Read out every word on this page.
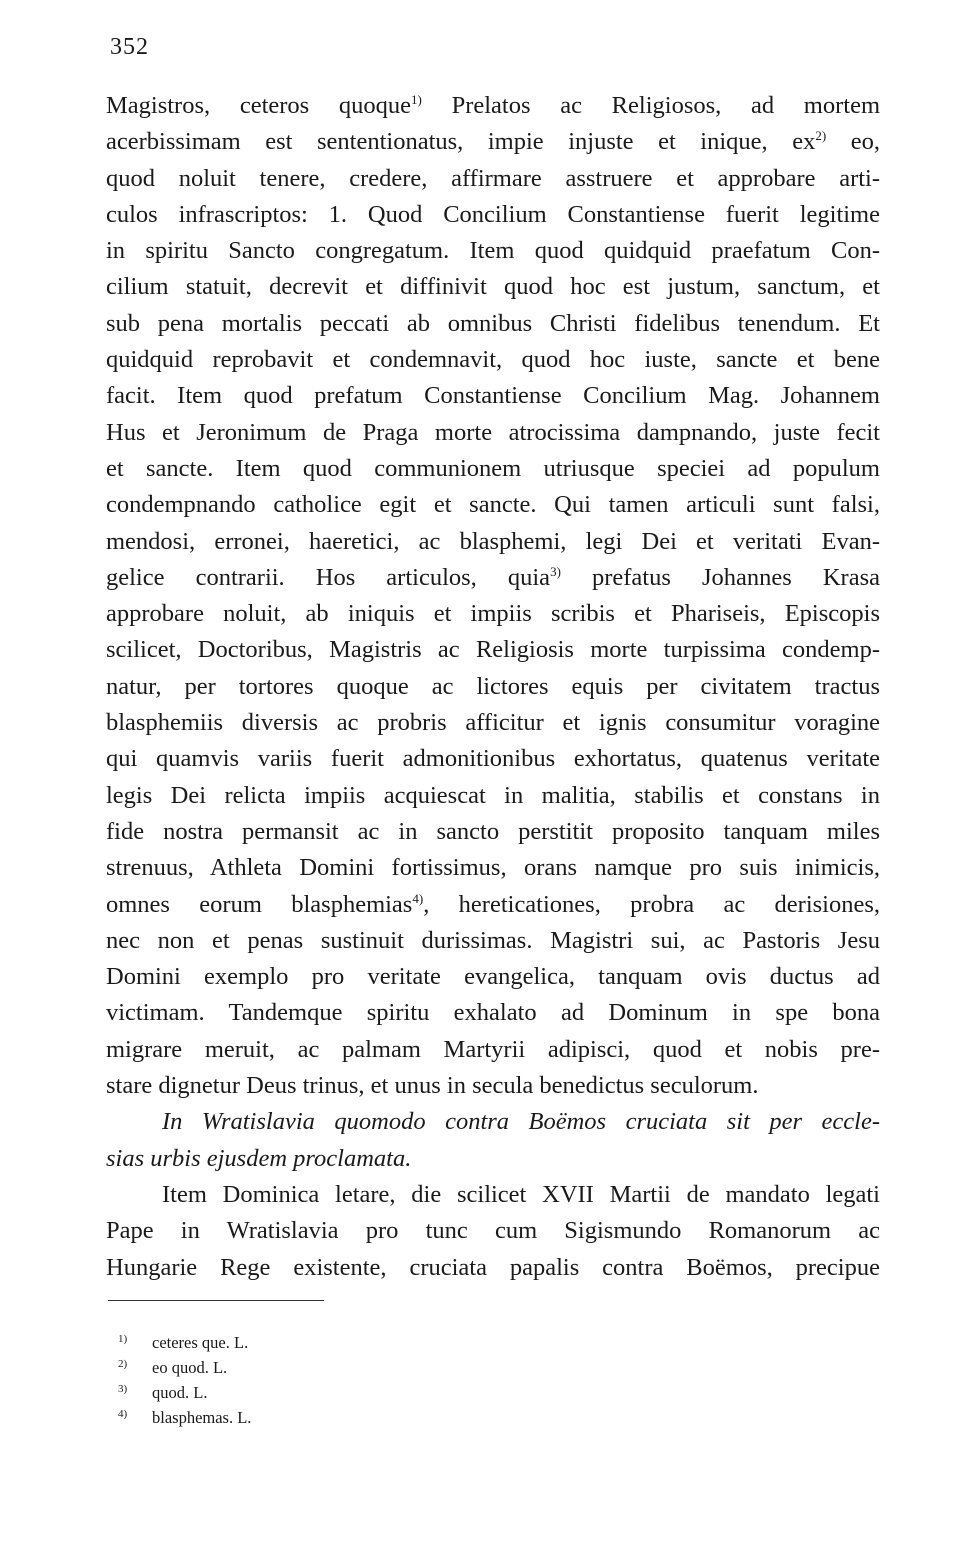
352
Magistros, ceteros quoque$^{1)}$ Prelatos ac Religiosos, ad mortem
acerbissimam est sententionatus, impie injuste et inique, $ex^{2)}$ eo,
quod noluit tenere, credere, affirmare asstruere et approbare arti-
culos infrascriptos: 1. Quod Concilium Constantiense fuerit legitime
in spiritu Sancto congregatum. Item quod quidquid praefatum Con-
cilium statuit, decrevit et diffinivit quod hoc est justum, sanctum, et
sub pena mortalis peccati ab omnibus Christi fidelibus tenendum. Et
quidquid reprobavit et condemnavit, quod hoc iuste, sancte et bene
facit. Item quod prefatum Constantiense Concilium Mag. Johannem
Hus et Jeronimum de Praga morte atrocissima dampnando, juste fecit
et sancte. Item quod communionem utriusque speciei ad populum
condempnando catholice egit et sancte. Qui tamen articuli sunt falsi,
mendosi, erronei, haeretici, ac blasphemi, legi Dei et veritati Evan-
gelice contrarii. Hos articulos, quia$^{3)}$ prefatus Johannes Krasa
approbare noluit, ab iniquis et impiis scribis et Phariseis, Episcopis
scilicet, Doctoribus, Magistris ac Religiosis morte turpissima condemp-
natur, per tortores quoque ac lictores equis per civitatem tractus
blasphemiis diversis ac probris afficitur et ignis consumitur voragine
qui quamvis variis fuerit admonitionibus exhortatus, quatenus veritate
legis Dei relicta impiis acquiescat in malitia, stabilis et constans in
fide nostra permansit ac in sancto perstitit proposito tanquam miles
strenuus, Athleta Domini fortissimus, orans namque pro suis inimicis,
omnes eorum blasphemias$^{4)}$, hereticationes, probra ac derisiones,
nec non et penas sustinuit durissimas. Magistri sui, ac Pastoris Jesu
Domini exemplo pro veritate evangelica, tanquam ovis ductus ad
victimam. Tandemque spiritu exhalato ad Dominum in spe bona
migrare meruit, ac palmam Martyrii adipisci, quod et nobis pre-
stare dignetur Deus trinus, et unus in secula benedictus seculorum.
In Wratislavia quomodo contra Boëmos cruciata sit per eccle-
sias urbis ejusdem proclamata.
Item Dominica letare, die scilicet XVII Martii de mandato legati
Pape in Wratislavia pro tunc cum Sigismundo Romanorum ac
Hungarie Rege existente, cruciata papalis contra Boëmos, precipue
$^{1)}$ ceteres que. L.
$^{2)}$ eo quod. L.
$^{3)}$ quod. L.
$^{4)}$ blasphemas. L.
